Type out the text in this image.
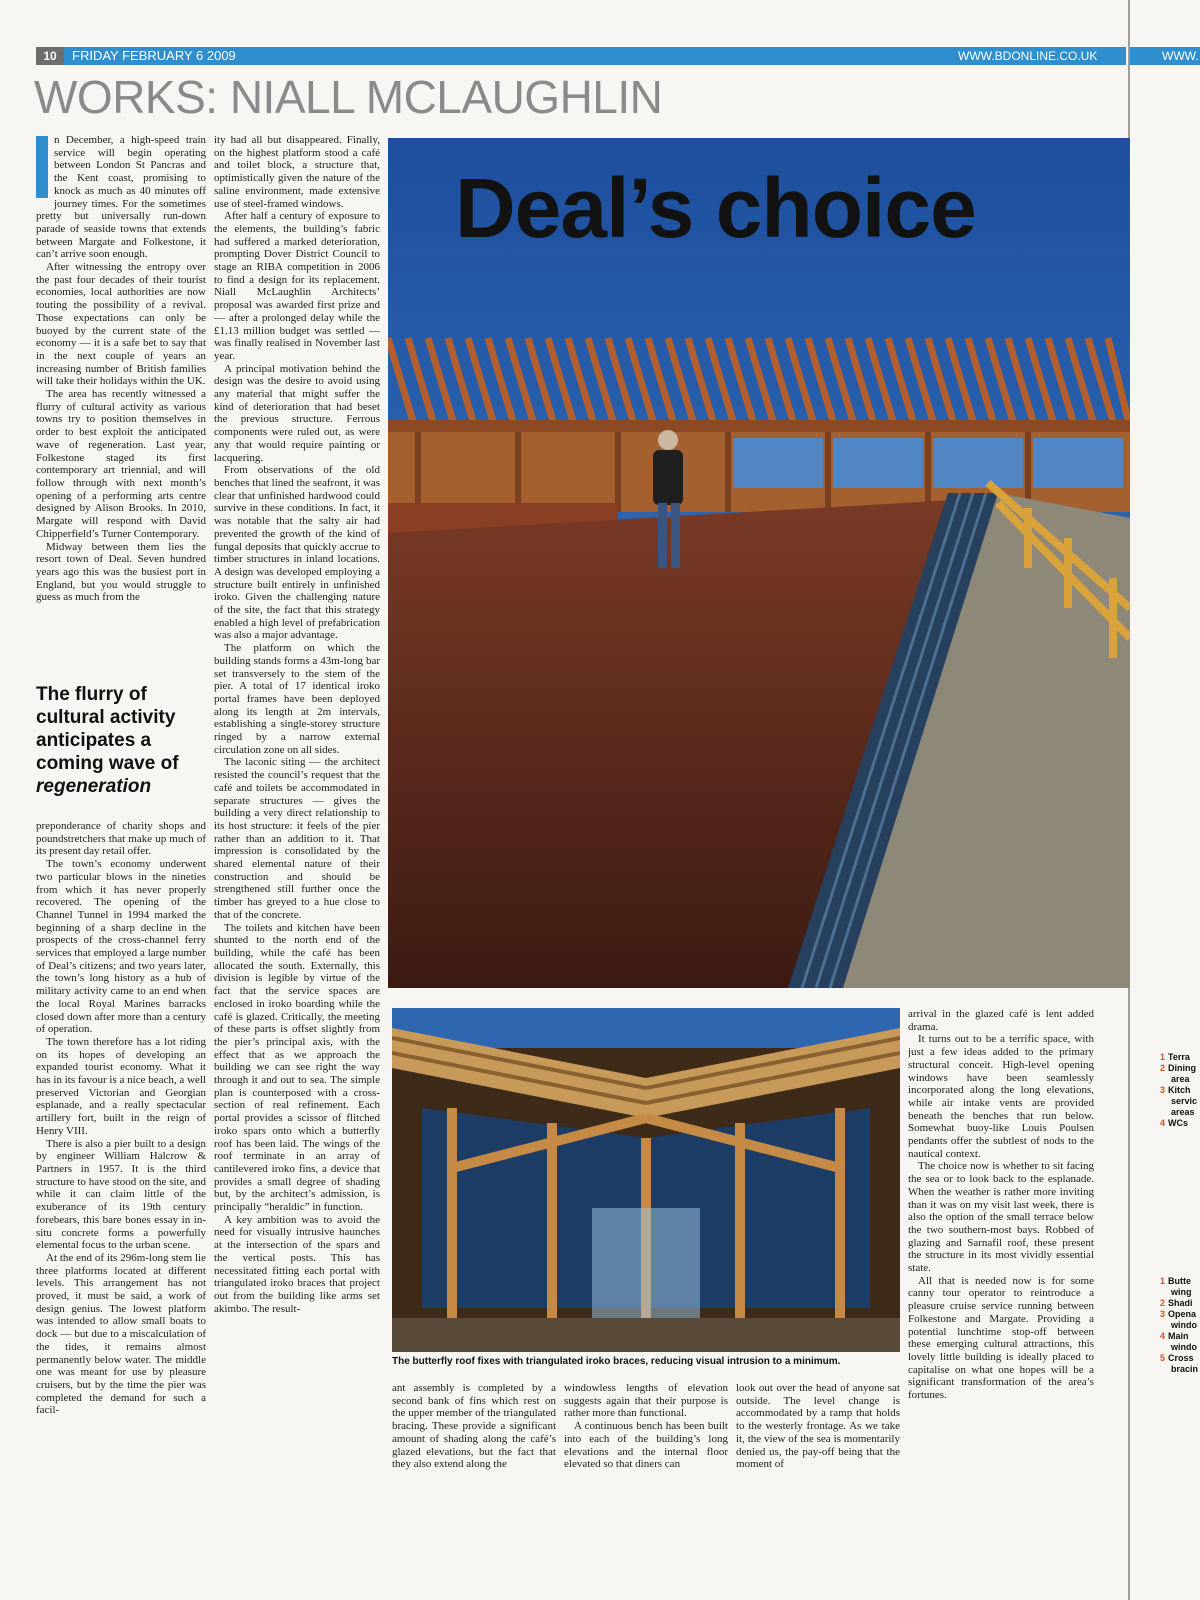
10	FRIDAY FEBRUARY 6 2009	WWW.BDONLINE.CO.UK	WWW.
WORKS: NIALL MCLAUGHLIN

n December, a high-speed train service will begin operating between London St Pancras and the Kent coast, promising to knock as much as 40 minutes off journey times. For the sometimes pretty but universally run-down parade of seaside towns that extends between Margate and Folkestone, it can’t arrive soon enough.

After witnessing the entropy over the past four decades of their tourist economies, local authorities are now touting the possibility of a revival. Those expectations can only be buoyed by the current state of the economy — it is a safe bet to say that in the next couple of years an increasing number of British families will take their holidays within the UK.

The area has recently witnessed a flurry of cultural activity as various towns try to position themselves in order to best exploit the anticipated wave of regeneration. Last year, Folkestone staged its first contemporary art triennial, and will follow through with next month’s opening of a performing arts centre designed by Alison Brooks. In 2010, Margate will respond with David Chipperfield’s Turner Contemporary.

Midway between them lies the resort town of Deal. Seven hundred years ago this was the busiest port in England, but you would struggle to guess as much from the

The flurry of cultural activity anticipates a coming wave of
regeneration

preponderance of charity shops and poundstretchers that make up much of its present day retail offer.

The town’s economy underwent two particular blows in the nineties from which it has never properly recovered. The opening of the Channel Tunnel in 1994 marked the beginning of a sharp decline in the prospects of the cross-channel ferry services that employed a large number of Deal’s citizens; and two years later, the town’s long history as a hub of military activity came to an end when the local Royal Marines barracks closed down after more than a century of operation.

The town therefore has a lot riding on its hopes of developing an expanded tourist economy. What it has in its favour is a nice beach, a well preserved Victorian and Georgian esplanade, and a really spectacular artillery fort, built in the reign of Henry VIII.

There is also a pier built to a design by engineer William Halcrow & Partners in 1957. It is the third structure to have stood on the site, and while it can claim little of the exuberance of its 19th century forebears, this bare bones essay in in-situ concrete forms a powerfully elemental focus to the urban scene.

At the end of its 296m-long stem lie three platforms located at different levels. This arrangement has not proved, it must be said, a work of design genius. The lowest platform was intended to allow small boats to dock — but due to a miscalculation of the tides, it remains almost permanently below water. The middle one was meant for use by pleasure cruisers, but by the time the pier was completed the demand for such a facil-

ity had all but disappeared. Finally, on the highest platform stood a café and toilet block, a structure that, optimistically given the nature of the saline environment, made extensive use of steel-framed windows.

After half a century of exposure to the elements, the building’s fabric had suffered a marked deterioration, prompting Dover District Council to stage an RIBA competition in 2006 to find a design for its replacement. Niall McLaughlin Architects’ proposal was awarded first prize and — after a prolonged delay while the £1.13 million budget was settled — was finally realised in November last year.

A principal motivation behind the design was the desire to avoid using any material that might suffer the kind of deterioration that had beset the previous structure. Ferrous components were ruled out, as were any that would require painting or lacquering.

From observations of the old benches that lined the seafront, it was clear that unfinished hardwood could survive in these conditions. In fact, it was notable that the salty air had prevented the growth of the kind of fungal deposits that quickly accrue to timber structures in inland locations. A design was developed employing a structure built entirely in unfinished iroko. Given the challenging nature of the site, the fact that this strategy enabled a high level of prefabrication was also a major advantage.

The platform on which the building stands forms a 43m-long bar set transversely to the stem of the pier. A total of 17 identical iroko portal frames have been deployed along its length at 2m intervals, establishing a single-storey structure ringed by a narrow external circulation zone on all sides.

The laconic siting — the architect resisted the council’s request that the café and toilets be accommodated in separate structures — gives the building a very direct relationship to its host structure: it feels of the pier rather than an addition to it. That impression is consolidated by the shared elemental nature of their construction and should be strengthened still further once the timber has greyed to a hue close to that of the concrete.

The toilets and kitchen have been shunted to the north end of the building, while the café has been allocated the south. Externally, this division is legible by virtue of the fact that the service spaces are enclosed in iroko boarding while the café is glazed. Critically, the meeting of these parts is offset slightly from the pier’s principal axis, with the effect that as we approach the building we can see right the way through it and out to sea. The simple plan is counterposed with a cross-section of real refinement. Each portal provides a scissor of flitched iroko spars onto which a butterfly roof has been laid. The wings of the roof terminate in an array of cantilevered iroko fins, a device that provides a small degree of shading but, by the architect’s admission, is principally “heraldic” in function.

A key ambition was to avoid the need for visually intrusive haunches at the intersection of the spars and the vertical posts. This has necessitated fitting each portal with triangulated iroko braces that project out from the building like arms set akimbo. The result-

Deal’s choice
The butterfly roof fixes with triangulated iroko braces, reducing visual intrusion to a minimum.

ant assembly is completed by a second bank of fins which rest on the upper member of the triangulated bracing. These provide a significant amount of shading along the café’s glazed elevations, but the fact that they also extend along the

windowless lengths of elevation suggests again that their purpose is rather more than functional.

A continuous bench has been built into each of the building’s long elevations and the internal floor elevated so that diners can

look out over the head of anyone sat outside. The level change is accommodated by a ramp that holds to the westerly frontage. As we take it, the view of the sea is momentarily denied us, the pay-off being that the moment of

arrival in the glazed café is lent added drama.

It turns out to be a terrific space, with just a few ideas added to the primary structural conceit. High-level opening windows have been seamlessly incorporated along the long elevations, while air intake vents are provided beneath the benches that run below. Somewhat buoy-like Louis Poulsen pendants offer the subtlest of nods to the nautical context.

The choice now is whether to sit facing the sea or to look back to the esplanade. When the weather is rather more inviting than it was on my visit last week, there is also the option of the small terrace below the two southern-most bays. Robbed of glazing and Sarnafil roof, these present the structure in its most vividly essential state.

All that is needed now is for some canny tour operator to reintroduce a pleasure cruise service running between Folkestone and Margate. Providing a potential lunchtime stop-off between these emerging cultural attractions, this lovely little building is ideally placed to capitalise on what one hopes will be a significant transformation of the area’s fortunes.

1 Terra
2 Dining
area
3 Kitch
servic
areas
4 WCs
1 Butte
wing
2 Shadi
3 Opena
windo
4 Main
windo
5 Cross
bracin
